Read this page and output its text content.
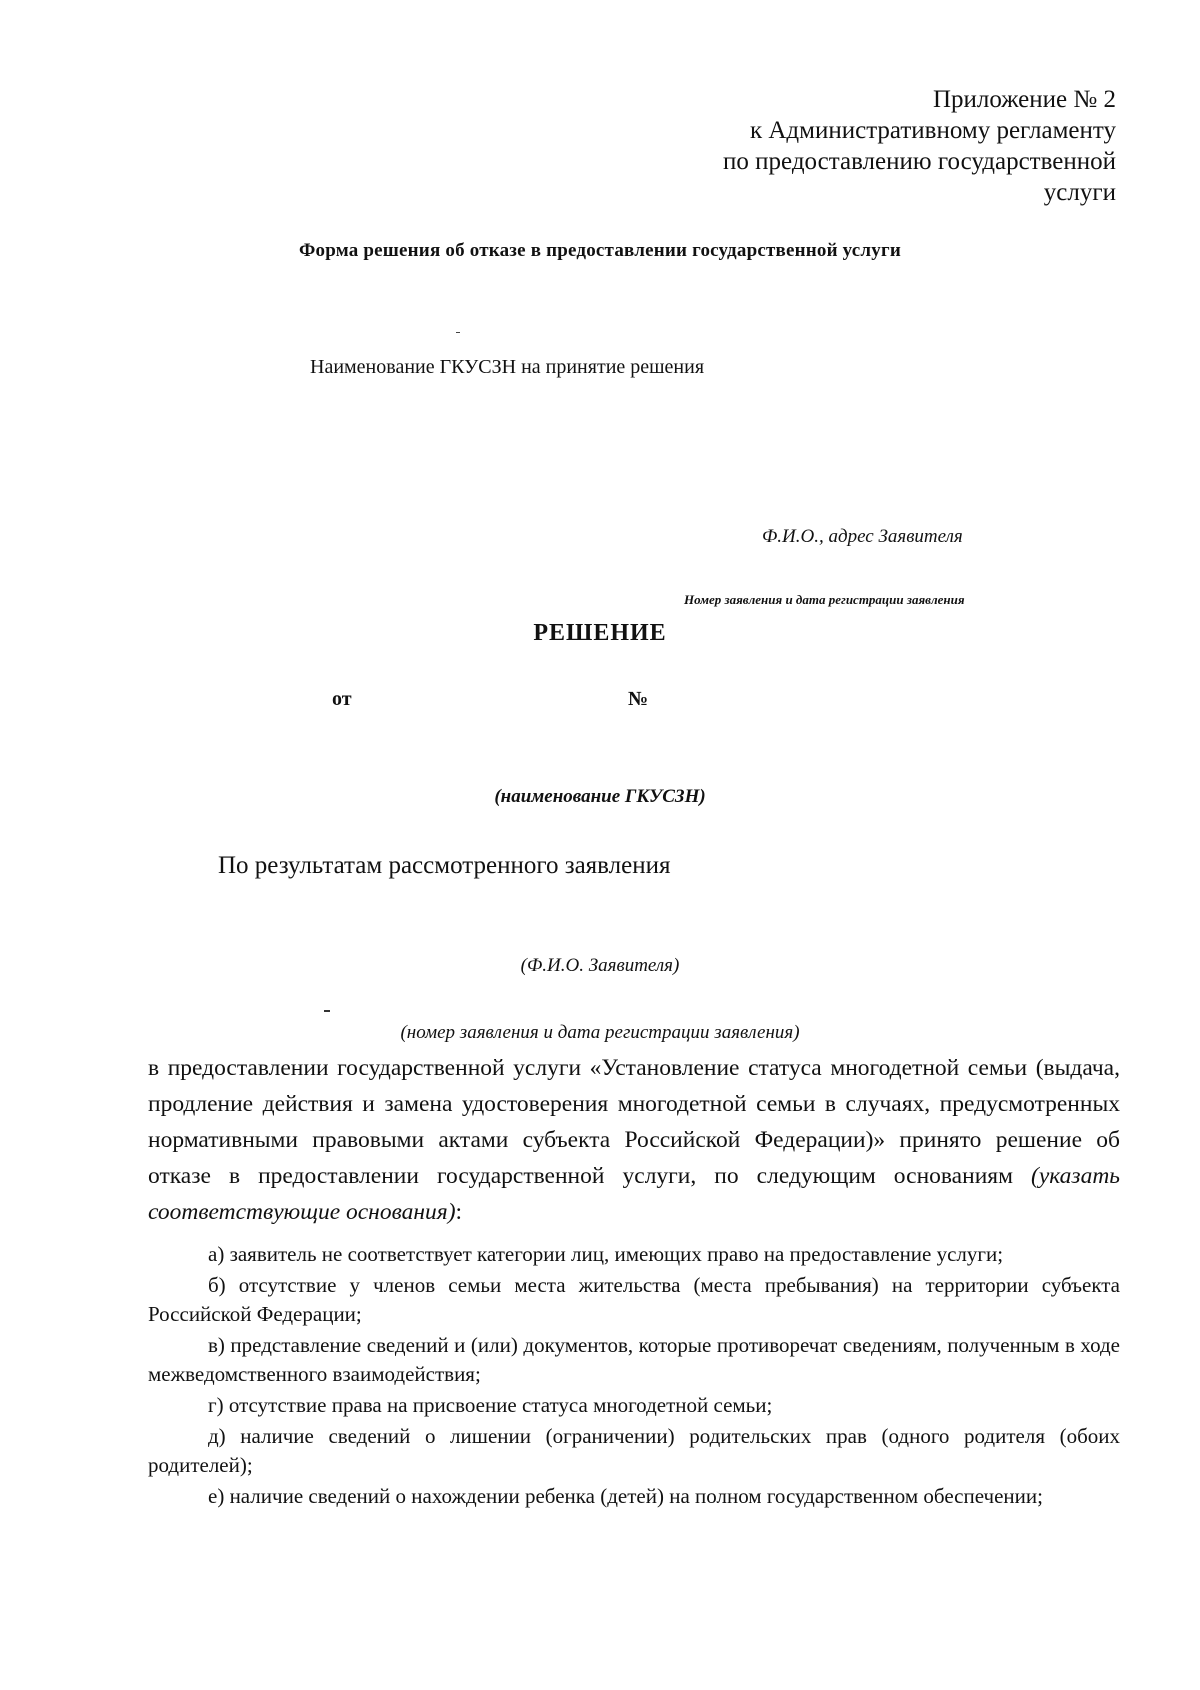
Приложение № 2
к Административному регламенту
по предоставлению государственной
услуги

Форма решения об отказе в предоставлении государственной услуги

Наименование ГКУСЗН на принятие решения

Ф.И.О., адрес Заявителя

Номер заявления и дата регистрации заявления

РЕШЕНИЕ

от	№

(наименование ГКУСЗН)

По результатам рассмотренного заявления

(Ф.И.О. Заявителя)

(номер заявления и дата регистрации заявления)

в предоставлении государственной услуги «Установление статуса многодетной семьи (выдача, продление действия и замена удостоверения многодетной семьи в случаях, предусмотренных нормативными правовыми актами субъекта Российской Федерации)» принято решение об отказе в предоставлении государственной услуги, по следующим основаниям (указать соответствующие основания):

а) заявитель не соответствует категории лиц, имеющих право на предоставление услуги;

б) отсутствие у членов семьи места жительства (места пребывания) на территории субъекта Российской Федерации;

в) представление сведений и (или) документов, которые противоречат сведениям, полученным в ходе межведомственного взаимодействия;

г) отсутствие права на присвоение статуса многодетной семьи;

д) наличие сведений о лишении (ограничении) родительских прав (одного родителя (обоих родителей);

е) наличие сведений о нахождении ребенка (детей) на полном государственном обеспечении;
